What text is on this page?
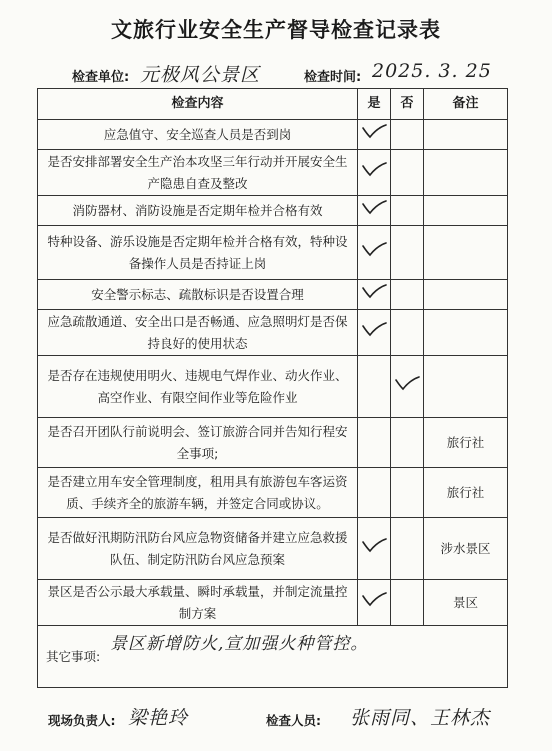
文旅行业安全生产督导检查记录表
检查单位: 元极风公景区	检查时间: 2025. 3. 25
检查内容	是	否	备注
应急值守、安全巡查人员是否到岗			
是否安排部署安全生产治本攻坚三年行动并开展安全生产隐患自查及整改			
消防器材、消防设施是否定期年检并合格有效			
特种设备、游乐设施是否定期年检并合格有效，特种设备操作人员是否持证上岗			
安全警示标志、疏散标识是否设置合理			
应急疏散通道、安全出口是否畅通、应急照明灯是否保持良好的使用状态			
是否存在违规使用明火、违规电气焊作业、动火作业、高空作业、有限空间作业等危险作业			
是否召开团队行前说明会、签订旅游合同并告知行程安全事项;			旅行社
是否建立用车安全管理制度，租用具有旅游包车客运资质、手续齐全的旅游车辆，并签定合同或协议。			旅行社
是否做好汛期防汛防台风应急物资储备并建立应急救援队伍、制定防汛防台风应急预案			涉水景区
景区是否公示最大承载量、瞬时承载量，并制定流量控制方案			景区
其它事项:
景区新增防火,宣加强火种管控。			
现场负责人: 梁艳玲	检查人员: 张雨同、王林杰
